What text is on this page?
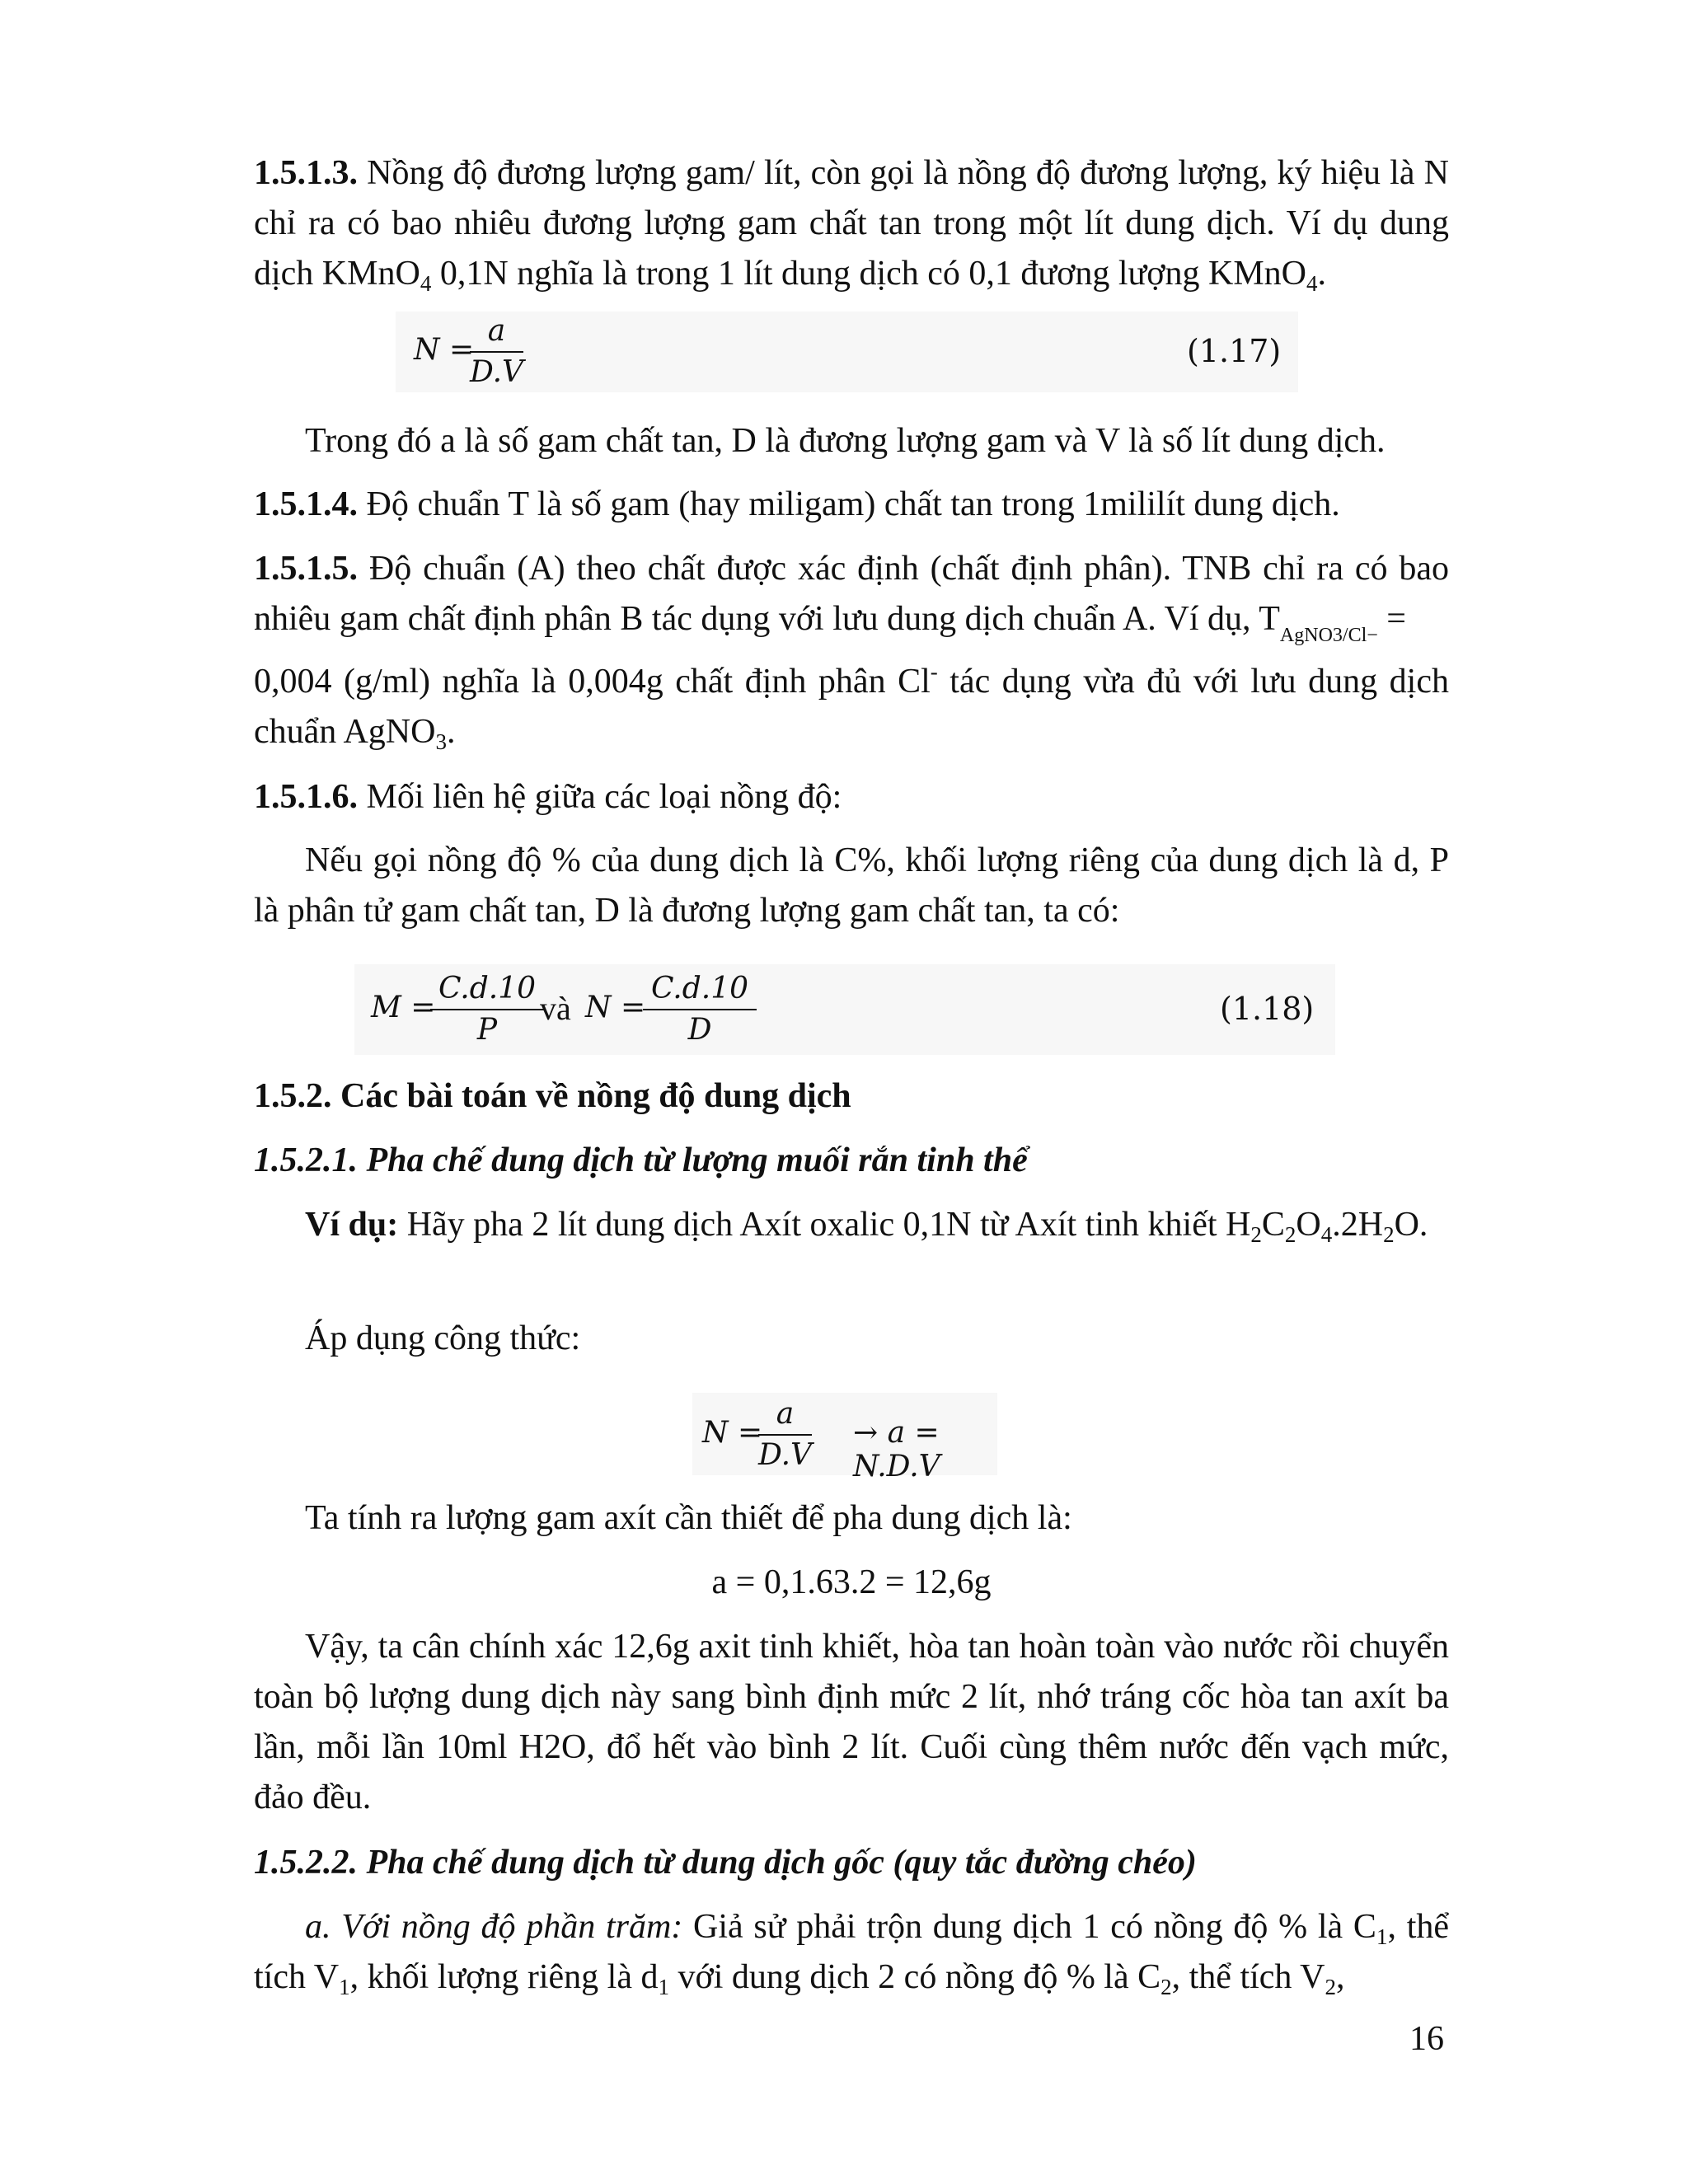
1.5.1.3. Nồng độ đương lượng gam/ lít, còn gọi là nồng độ đương lượng, ký hiệu là N chỉ ra có bao nhiêu đương lượng gam chất tan trong một lít dung dịch. Ví dụ dung dịch KMnO$_4$ 0,1N nghĩa là trong 1 lít dung dịch có 0,1 đương lượng KMnO$_4$.

N =
$\frac{a}{D.V}$	(1.17)

Trong đó a là số gam chất tan, D là đương lượng gam và V là số lít dung dịch.

1.5.1.4. Độ chuẩn T là số gam (hay miligam) chất tan trong 1mililít dung dịch.

1.5.1.5. Độ chuẩn (A) theo chất được xác định (chất định phân). TNB chỉ ra có bao nhiêu gam chất định phân B tác dụng với lưu dung dịch chuẩn A. Ví dụ, $T_{AgNO3/Cl-}$ =

0,004 (g/ml) nghĩa là 0,004g chất định phân Cl- tác dụng vừa đủ với lưu dung dịch chuẩn AgNO$_3$.

1.5.1.6. Mối liên hệ giữa các loại nồng độ:

Nếu gọi nồng độ % của dung dịch là C%, khối lượng riêng của dung dịch là d, P là phân tử gam chất tan, D là đương lượng gam chất tan, ta có:

M =
$\frac{C.d.10}{P}$
và N =
$\frac{C.d.10}{D}$	(1.18)

1.5.2. Các bài toán về nồng độ dung dịch

1.5.2.1. Pha chế dung dịch từ lượng muối rắn tinh thể

Ví dụ: Hãy pha 2 lít dung dịch Axít oxalic 0,1N từ Axít tinh khiết $H_2C_2O_4.2H_2O$.

Áp dụng công thức:

N =
$\frac{a}{D.V} \to a = N.D.V$

Ta tính ra lượng gam axít cần thiết để pha dung dịch là:

a = 0,1.63.2 = 12,6g

Vậy, ta cân chính xác 12,6g axit tinh khiết, hòa tan hoàn toàn vào nước rồi chuyển toàn bộ lượng dung dịch này sang bình định mức 2 lít, nhớ tráng cốc hòa tan axít ba lần, mỗi lần 10ml H2O, đổ hết vào bình 2 lít. Cuối cùng thêm nước đến vạch mức, đảo đều.

1.5.2.2. Pha chế dung dịch từ dung dịch gốc (quy tắc đường chéo)

a. Với nồng độ phần trăm: Giả sử phải trộn dung dịch 1 có nồng độ % là $C_1$, thể tích $V_1$, khối lượng riêng là $d_1$ với dung dịch 2 có nồng độ % là $C_2$, thể tích $V_2$,

16
